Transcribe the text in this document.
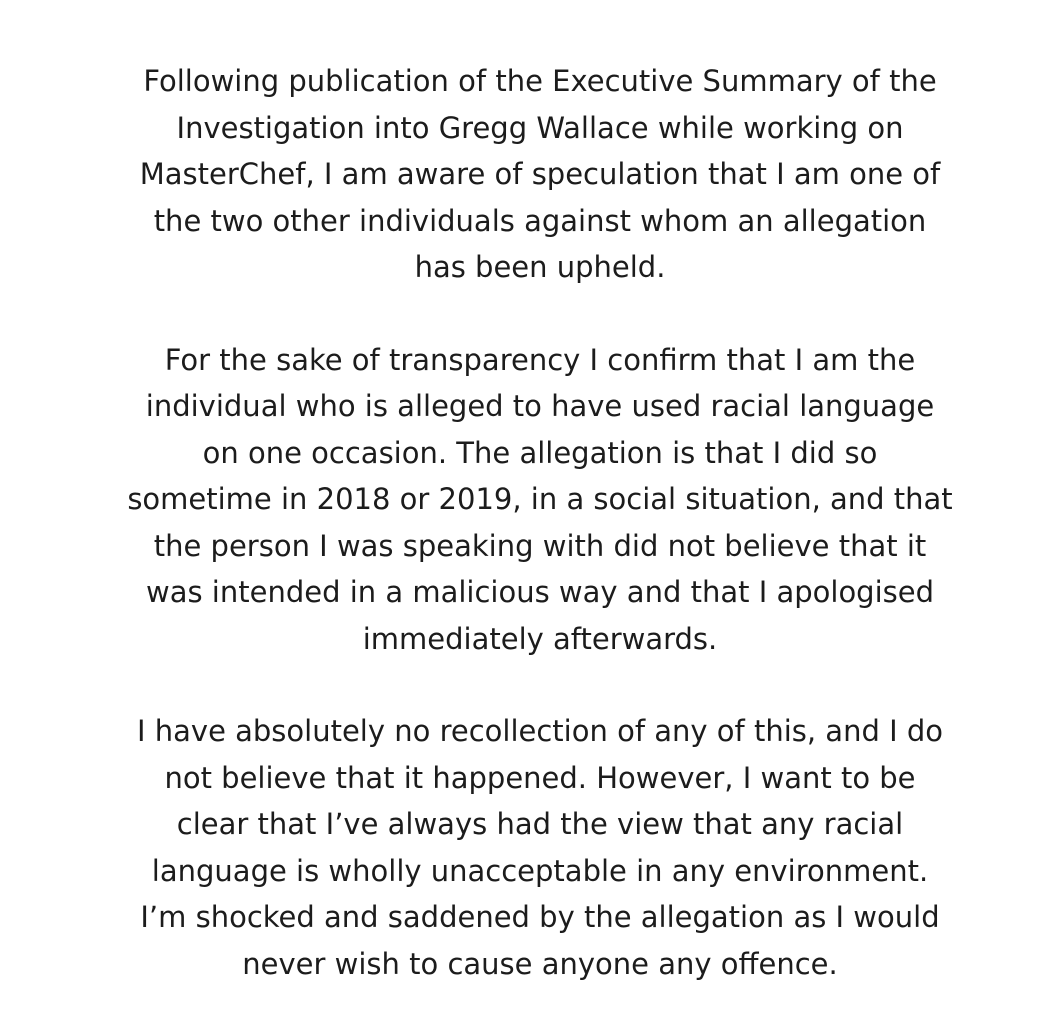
Following publication of the Executive Summary of the
Investigation into Gregg Wallace while working on
MasterChef, I am aware of speculation that I am one of
the two other individuals against whom an allegation
has been upheld.

For the sake of transparency I confirm that I am the
individual who is alleged to have used racial language
on one occasion. The allegation is that I did so
sometime in 2018 or 2019, in a social situation, and that
the person I was speaking with did not believe that it
was intended in a malicious way and that I apologised
immediately afterwards.

I have absolutely no recollection of any of this, and I do
not believe that it happened. However, I want to be
clear that I’ve always had the view that any racial
language is wholly unacceptable in any environment.
I’m shocked and saddened by the allegation as I would
never wish to cause anyone any offence.
